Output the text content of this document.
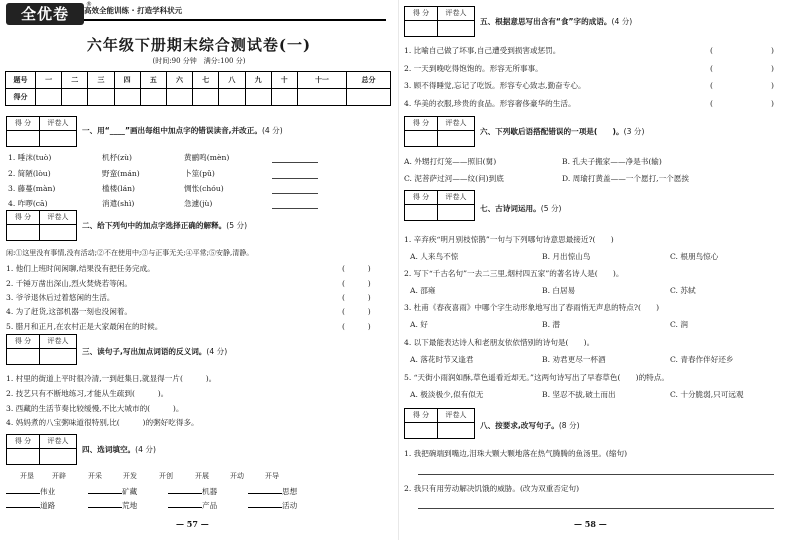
全优卷
®
高效全能训练 · 打造学科状元
六年级下册期末综合测试卷(一)
(时间:90 分钟　满分:100 分)
题号	一	二	三	四	五	六	七	八	九	十	十一	总分
得分												
得 分	评卷人
一、用“____”画出每组中加点字的错误读音,并改正。(4 分)
1. 唾沫(tuò)	机杼(zù)	黄鹂鸣(mèn)
2. 简陋(lòu)	野蛮(mán)	卜筮(pǔ)
3. 藤蔓(màn)	槛楼(lán)	惆怅(chóu)
4. 咋啰(cā)	消遣(shì)	急遽(jù)
得 分	评卷人
二、给下列句中的加点字选择正确的解释。(5 分)
闲:①这里没有事情,没有活动;②不在使用中;③与正事无关;④平常;⑤安静,清静。
1. 他们上班时间闲聊,结果没有把任务完成。	(　　　)
2. 千锤万凿出深山,烈火焚烧若等闲。	(　　　)
3. 爷爷退休后过着悠闲的生活。	(　　　)
4. 为了赶货,这部机器一刻也没闲着。	(　　　)
5. 腊月和正月,在农村正是大家最闲在的时候。	(　　　)
得 分	评卷人
三、读句子,写出加点词语的反义词。(4 分)
1. 村里的街道上平时很冷清,一到赶集日,就显得一片(　　　)。
2. 技艺只有不断地练习,才能从生疏到(　　　)。
3. 西藏的生活节奏比较缓慢,不比大城市的(　　　)。
4. 妈妈煮的八宝粥味道很特别,比(　　　)的粥好吃得多。
得 分	评卷人
四、选词填空。(4 分)
开垦	开辟	开采	开发	开创	开展	开动	开导
伟业	矿藏	机器	思想
道路	荒地	产品	活动
— 57 —
得 分	评卷人
五、根据意思写出含有“食”字的成语。(4 分)
1. 比喻自己做了坏事,自己遭受到损害或惩罚。	(	)
2. 一天到晚吃得饱饱的。形容无所事事。	(	)
3. 顾不得睡觉,忘记了吃饭。形容专心致志,勤奋专心。	(	)
4. 华美的衣服,珍贵的食品。形容奢侈豪华的生活。	(	)
得 分	评卷人
六、下列歇后语搭配错误的一项是(　　)。(3 分)
A. 外甥打灯笼——照旧(舅)	B. 孔夫子搬家——净是书(输)
C. 泥菩萨过河——纹(问)到底	D. 周瑜打黄盖——一个愿打,一个愿挨
得 分	评卷人
七、古诗词运用。(5 分)
1. 辛弃疾“明月别枝惊鹊”一句与下列哪句诗意思最接近?(　　)
A. 人来鸟不惊	B. 月出惊山鸟	C. 根朋鸟惊心
2. 写下“千古名句”一去二三里,烟村四五家”的著名诗人是(　　)。
A. 邵雍	B. 白居易	C. 苏轼
3. 杜甫《春夜喜雨》中哪个字生动形象地写出了春雨悄无声息的特点?(　　)
A. 好	B. 潜	C. 润
4. 以下最能表达诗人和老朋友依依惜别的诗句是(　　)。
A. 落花时节又逢君	B. 劝君更尽一杯酒	C. 青春作伴好还乡
5. “天街小雨润如酥,草色遥看近却无。”这两句诗写出了早春草色(　　)的特点。
A. 极淡极少,似有似无	B. 坚忍不拔,破土而出	C. 十分脆弱,只可远观
得 分	评卷人
八、按要求,改写句子。(8 分)
1. 我把碗端到嘴边,泪珠大颗大颗地落在热气腾腾的鱼汤里。(缩句)
2. 我只有用劳动解决饥饿的威胁。(改为双重否定句)
— 58 —
